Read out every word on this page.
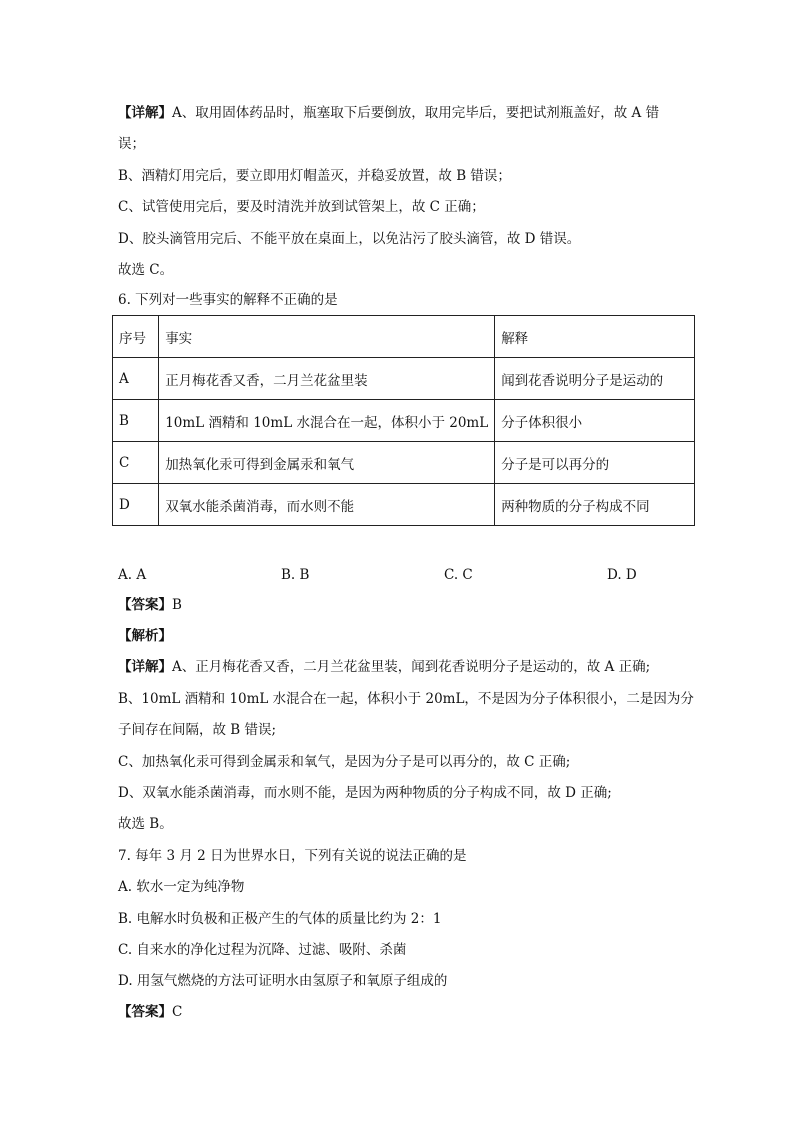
【详解】A、取用固体药品时，瓶塞取下后要倒放，取用完毕后，要把试剂瓶盖好，故 A 错
误；
B、酒精灯用完后，要立即用灯帽盖灭，并稳妥放置，故 B 错误；
C、试管使用完后，要及时清洗并放到试管架上，故 C 正确；
D、胶头滴管用完后、不能平放在桌面上，以免沾污了胶头滴管，故 D 错误。
故选 C。
6. 下列对一些事实的解释不正确的是
序号	事实	解释
A	正月梅花香又香，二月兰花盆里装	闻到花香说明分子是运动的
B	10mL 酒精和 10mL 水混合在一起，体积小于 20mL	分子体积很小
C	加热氧化汞可得到金属汞和氧气	分子是可以再分的
D	双氧水能杀菌消毒，而水则不能	两种物质的分子构成不同
A. A	B. B	C. C	D. D
【答案】B
【解析】
【详解】A、正月梅花香又香，二月兰花盆里装，闻到花香说明分子是运动的，故 A 正确;
B、10mL 酒精和 10mL 水混合在一起，体积小于 20mL，不是因为分子体积很小，二是因为分
子间存在间隔，故 B 错误;
C、加热氧化汞可得到金属汞和氧气，是因为分子是可以再分的，故 C 正确;
D、双氧水能杀菌消毒，而水则不能，是因为两种物质的分子构成不同，故 D 正确;
故选 B。
7. 每年 3 月 2 日为世界水日，下列有关说的说法正确的是
A. 软水一定为纯净物
B. 电解水时负极和正极产生的气体的质量比约为 2：1
C. 自来水的净化过程为沉降、过滤、吸附、杀菌
D. 用氢气燃烧的方法可证明水由氢原子和氧原子组成的
【答案】C
